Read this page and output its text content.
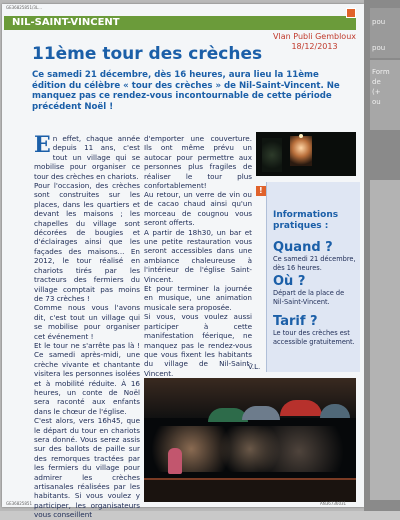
GE36825851/3L...
NIL-SAINT-VINCENT
Vlan Publi Gembloux
18/12/2013
11ème tour des crèches

Ce samedi 21 décembre, dès 16 heures, aura lieu la 11ème édition du célèbre « tour des crèches » de Nil-Saint-Vincent. Ne manquez pas ce rendez-vous incontournable de cette période précédent Noël !

E n effet, chaque année depuis 11 ans, c'est tout un village qui se mobilise pour organiser ce tour des crèches en chariots.

Pour l'occasion, des crèches sont construites sur les places, dans les quartiers et devant les maisons ; les chapelles du village sont décorées de bougies et d'éclairages ainsi que les façades des maisons... En 2012, le tour réalisé en chariots tirés par les tracteurs des fermiers du village comptait pas moins de 73 crèches !

Comme nous vous l'avons dit, c'est tout un village qui se mobilise pour organiser cet événement !

Et le tour ne s'arrête pas là ! Ce samedi après-midi, une crèche vivante et chantante visitera les personnes isolées et à mobilité réduite. À 16 heures, un conte de Noël sera raconté aux enfants dans le chœur de l'église.

C'est alors, vers 16h45, que le départ du tour en chariots sera donné. Vous serez assis sur des ballots de paille sur des remorques tractées par les fermiers du village pour admirer les crèches artisanales réalisées par les habitants. Si vous voulez y participer, les organisateurs vous conseillent

d'emporter une couverture. Ils ont même prévu un autocar pour permettre aux personnes plus fragiles de réaliser le tour plus confortablement!

Au retour, un verre de vin ou de cacao chaud ainsi qu'un morceau de cougnou vous seront offerts.

A partir de 18h30, un bar et une petite restauration vous seront accessibles dans une ambiance chaleureuse à l'intérieur de l'église Saint-Vincent.

Et pour terminer la journée en musique, une animation musicale sera proposée.

Si vous, vous voulez aussi participer à cette manifestation féerique, ne manquez pas le rendez-vous que vous fixent les habitants du village de Nil-Saint-Vincent.

!
Informations pratiques :
Quand ?

Ce samedi 21 décembre, dès 16 heures.

Où ?

Départ de la place de Nil-Saint-Vincent.

Tarif ?

Le tour des crèches est accessible gratuitement.

V.L.
GE36825851	AN36736031
pou
pou
Form
de
(+
ou
